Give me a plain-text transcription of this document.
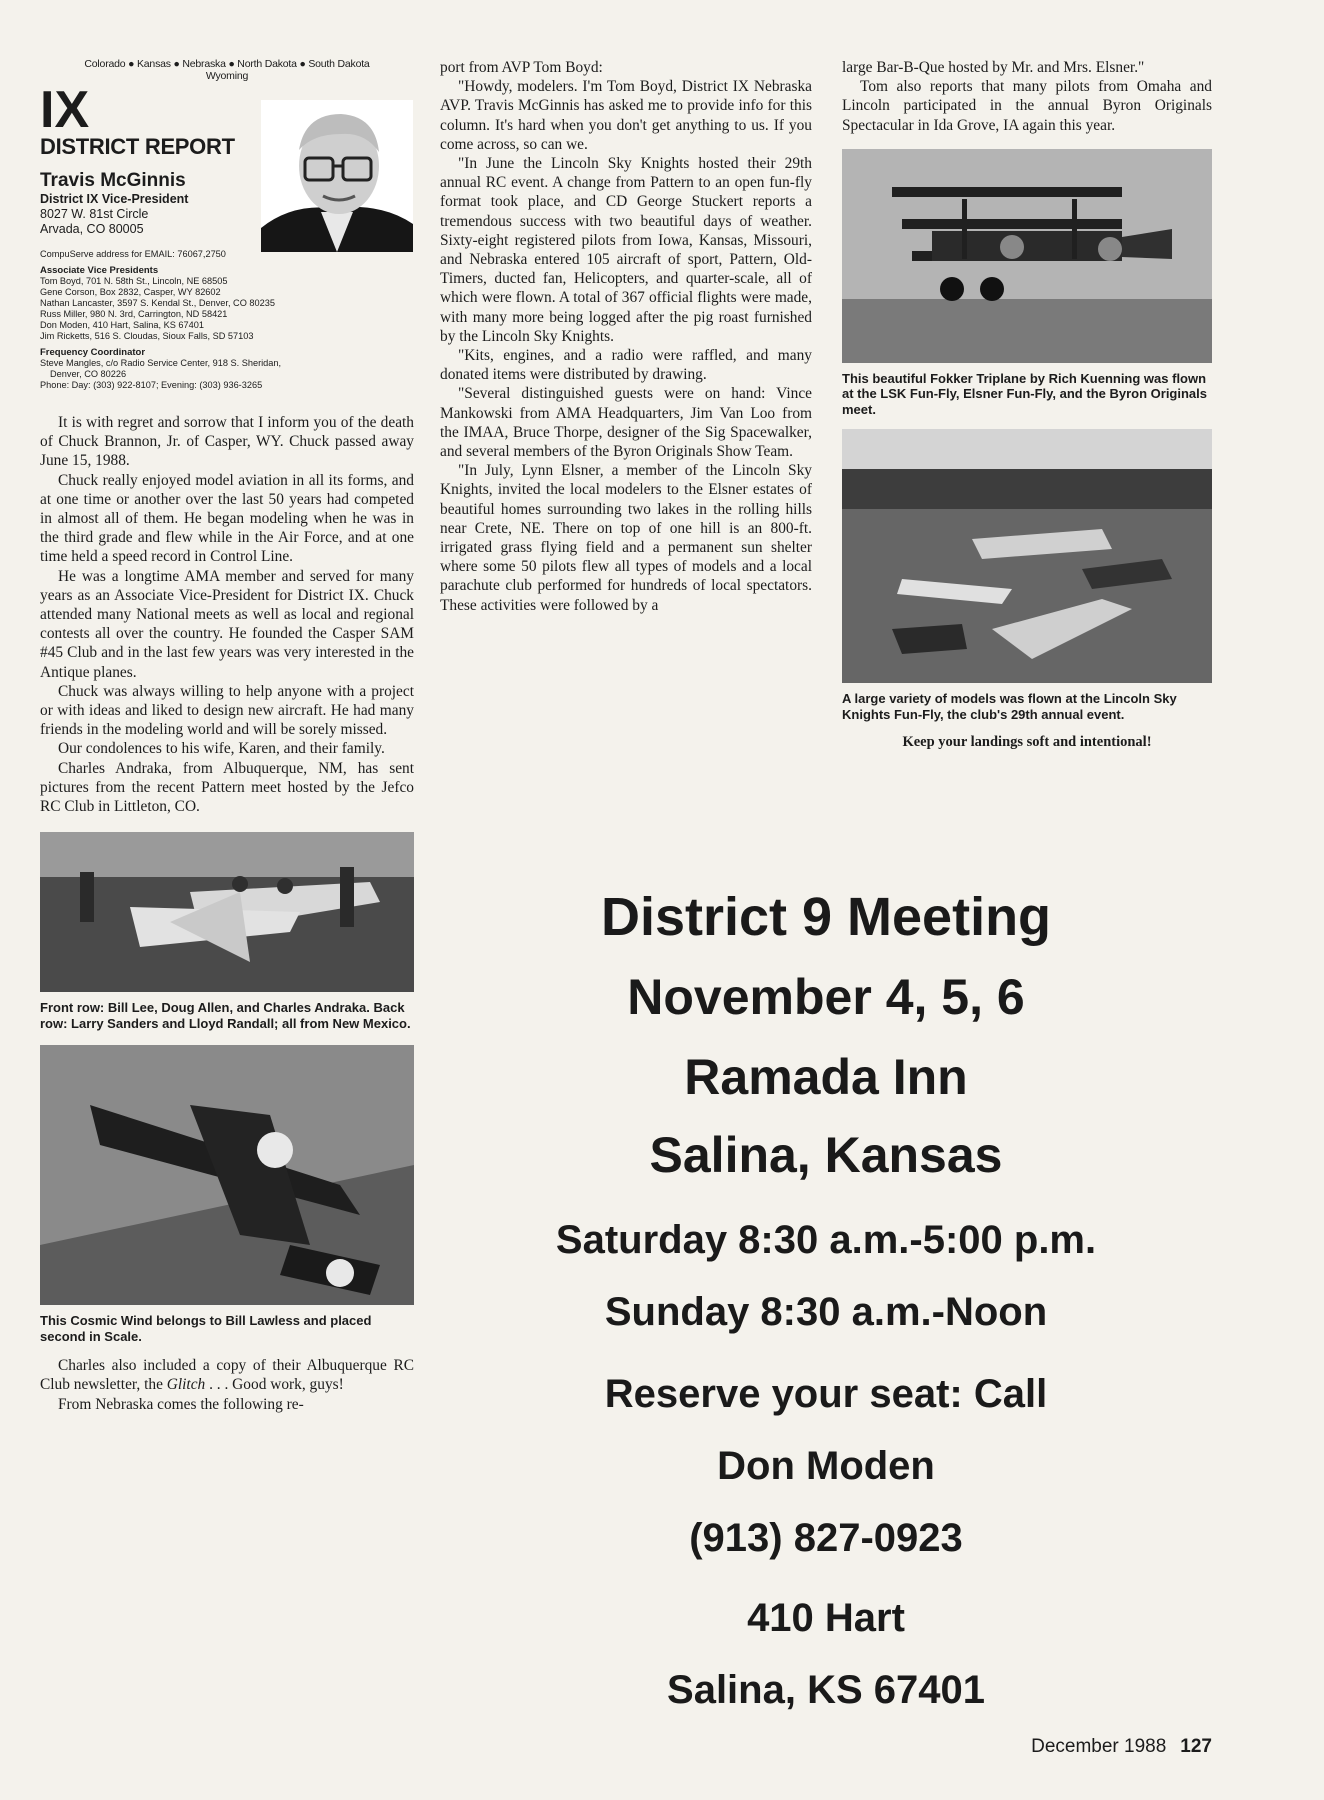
Colorado ● Kansas ● Nebraska ● North Dakota ● South Dakota
Wyoming
IX
DISTRICT REPORT
Travis McGinnis
District IX Vice-President
8027 W. 81st Circle
Arvada, CO 80005
CompuServe address for EMAIL: 76067,2750
Associate Vice Presidents
Tom Boyd, 701 N. 58th St., Lincoln, NE 68505
Gene Corson, Box 2832, Casper, WY 82602
Nathan Lancaster, 3597 S. Kendal St., Denver, CO 80235
Russ Miller, 980 N. 3rd, Carrington, ND 58421
Don Moden, 410 Hart, Salina, KS 67401
Jim Ricketts, 516 S. Cloudas, Sioux Falls, SD 57103
Frequency Coordinator
Steve Mangles, c/o Radio Service Center, 918 S. Sheridan,
Denver, CO 80226
Phone: Day: (303) 922-8107; Evening: (303) 936-3265

It is with regret and sorrow that I inform you of the death of Chuck Brannon, Jr. of Casper, WY. Chuck passed away June 15, 1988.

Chuck really enjoyed model aviation in all its forms, and at one time or another over the last 50 years had competed in almost all of them. He began modeling when he was in the third grade and flew while in the Air Force, and at one time held a speed record in Control Line.

He was a longtime AMA member and served for many years as an Associate Vice-President for District IX. Chuck attended many National meets as well as local and regional contests all over the country. He founded the Casper SAM #45 Club and in the last few years was very interested in the Antique planes.

Chuck was always willing to help anyone with a project or with ideas and liked to design new aircraft. He had many friends in the modeling world and will be sorely missed.

Our condolences to his wife, Karen, and their family.

Charles Andraka, from Albuquerque, NM, has sent pictures from the recent Pattern meet hosted by the Jefco RC Club in Littleton, CO.

Front row: Bill Lee, Doug Allen, and Charles Andraka. Back row: Larry Sanders and Lloyd Randall; all from New Mexico.
This Cosmic Wind belongs to Bill Lawless and placed second in Scale.

Charles also included a copy of their Albuquerque RC Club newsletter, the Glitch . . . Good work, guys!

From Nebraska comes the following re-

port from AVP Tom Boyd:

"Howdy, modelers. I'm Tom Boyd, District IX Nebraska AVP. Travis McGinnis has asked me to provide info for this column. It's hard when you don't get anything to us. If you come across, so can we.

"In June the Lincoln Sky Knights hosted their 29th annual RC event. A change from Pattern to an open fun-fly format took place, and CD George Stuckert reports a tremendous success with two beautiful days of weather. Sixty-eight registered pilots from Iowa, Kansas, Missouri, and Nebraska entered 105 aircraft of sport, Pattern, Old-Timers, ducted fan, Helicopters, and quarter-scale, all of which were flown. A total of 367 official flights were made, with many more being logged after the pig roast furnished by the Lincoln Sky Knights.

"Kits, engines, and a radio were raffled, and many donated items were distributed by drawing.

"Several distinguished guests were on hand: Vince Mankowski from AMA Headquarters, Jim Van Loo from the IMAA, Bruce Thorpe, designer of the Sig Spacewalker, and several members of the Byron Originals Show Team.

"In July, Lynn Elsner, a member of the Lincoln Sky Knights, invited the local modelers to the Elsner estates of beautiful homes surrounding two lakes in the rolling hills near Crete, NE. There on top of one hill is an 800-ft. irrigated grass flying field and a permanent sun shelter where some 50 pilots flew all types of models and a local parachute club performed for hundreds of local spectators. These activities were followed by a

large Bar-B-Que hosted by Mr. and Mrs. Elsner."

Tom also reports that many pilots from Omaha and Lincoln participated in the annual Byron Originals Spectacular in Ida Grove, IA again this year.

This beautiful Fokker Triplane by Rich Kuenning was flown at the LSK Fun-Fly, Elsner Fun-Fly, and the Byron Originals meet.
A large variety of models was flown at the Lincoln Sky Knights Fun-Fly, the club's 29th annual event.
Keep your landings soft and intentional!
District 9 Meeting
November 4, 5, 6
Ramada Inn
Salina, Kansas
Saturday 8:30 a.m.-5:00 p.m.
Sunday 8:30 a.m.-Noon
Reserve your seat: Call
Don Moden
(913) 827-0923
410 Hart
Salina, KS 67401
December 1988 127
